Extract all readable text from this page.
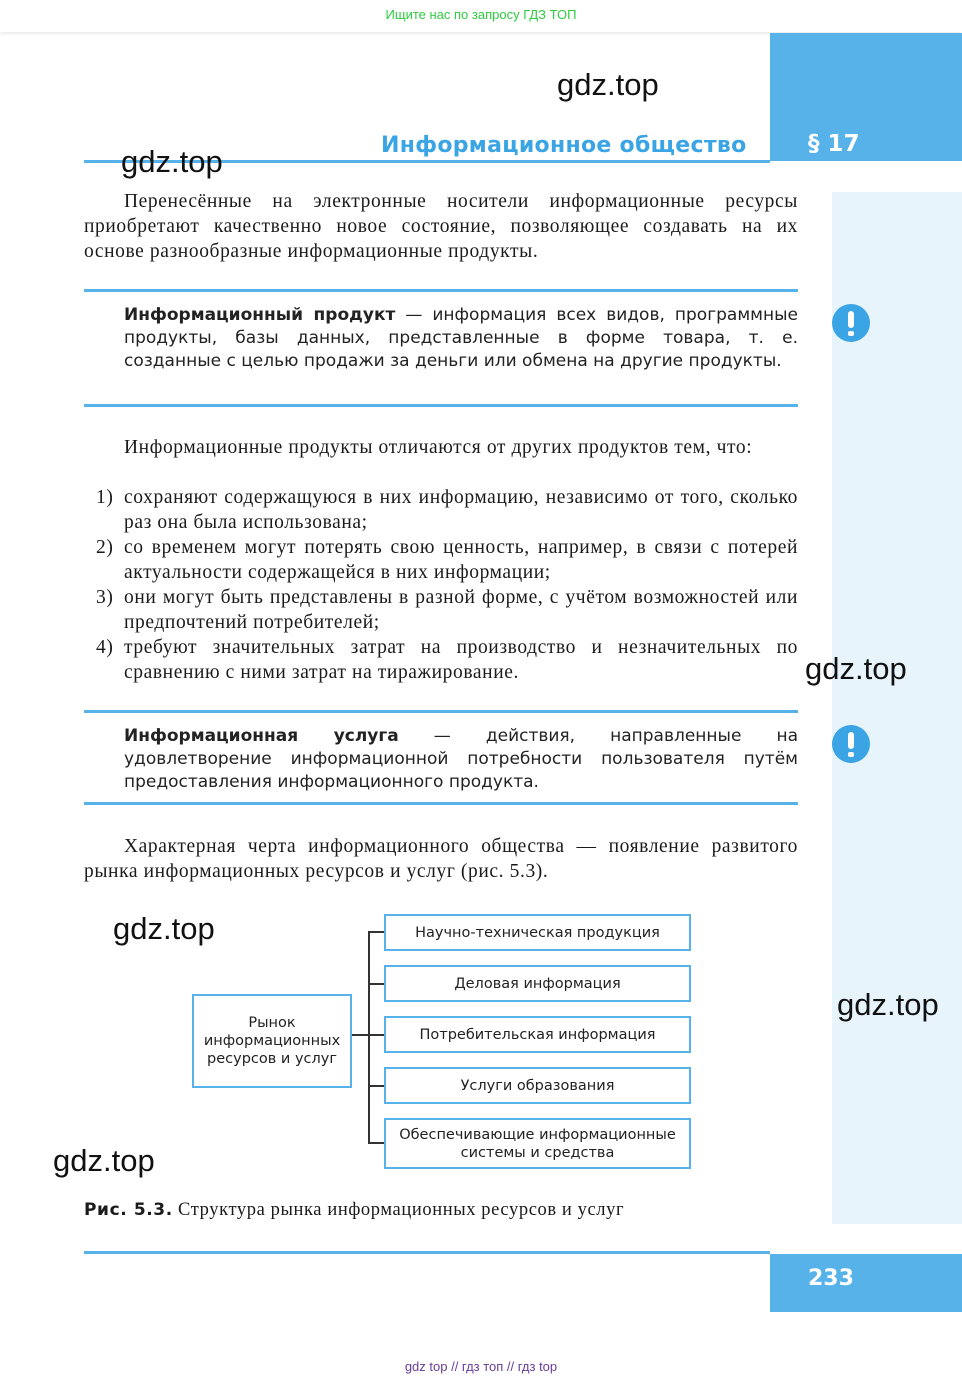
Ищите нас по запросу ГДЗ ТОП
§ 17
Информационное общество
gdz.top
gdz.top
gdz.top
gdz.top
gdz.top
gdz.top
Перенесённые на электронные носители информационные ресурсы приобретают качественно новое состояние, позволяющее создавать на их основе разнообразные информационные продукты.
Информационный продукт — информация всех видов, программные продукты, базы данных, представленные в форме товара, т. е. созданные с целью продажи за деньги или обмена на другие продукты.
Информационные продукты отличаются от других продуктов тем, что:
1) сохраняют содержащуюся в них информацию, независимо от того, сколько раз она была использована;
2) со временем могут потерять свою ценность, например, в связи с потерей актуальности содержащейся в них информации;
3) они могут быть представлены в разной форме, с учётом возможностей или предпочтений потребителей;
4) требуют значительных затрат на производство и незначительных по сравнению с ними затрат на тиражирование.
Информационная услуга — действия, направленные на удовлетворение информационной потребности пользователя путём предоставления информационного продукта.
Характерная черта информационного общества — появление развитого рынка информационных ресурсов и услуг (рис. 5.3).
Рынок информационных ресурсов и услуг
Научно-техническая продукция
Деловая информация
Потребительская информация
Услуги образования
Обеспечивающие информационные системы и средства
Рис. 5.3. Структура рынка информационных ресурсов и услуг
233
gdz top // гдз топ // гдз top
